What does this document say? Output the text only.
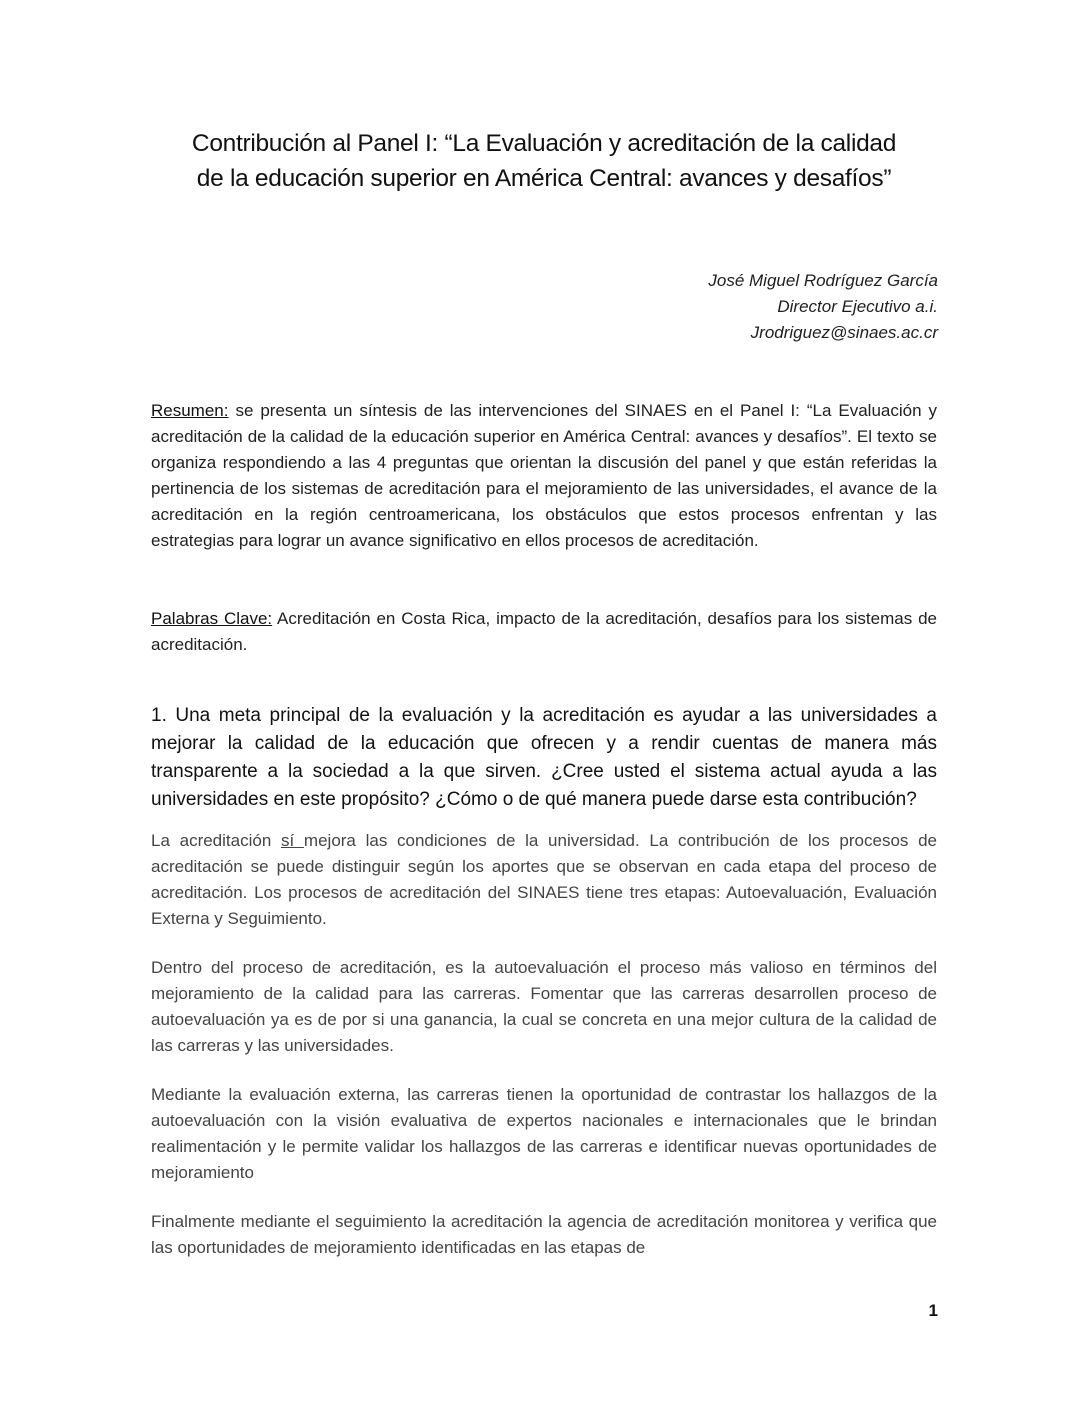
Contribución al Panel I: “La Evaluación y acreditación de la calidad
de la educación superior en América Central: avances y desafíos”
José Miguel Rodríguez García
Director Ejecutivo a.i.
Jrodriguez@sinaes.ac.cr

Resumen: se presenta un síntesis de las intervenciones del SINAES en el Panel I: “La Evaluación y acreditación de la calidad de la educación superior en América Central: avances y desafíos”. El texto se organiza respondiendo a las 4 preguntas que orientan la discusión del panel y que están referidas la pertinencia de los sistemas de acreditación para el mejoramiento de las universidades, el avance de la acreditación en la región centroamericana, los obstáculos que estos procesos enfrentan y las estrategias para lograr un avance significativo en ellos procesos de acreditación.

Palabras Clave: Acreditación en Costa Rica, impacto de la acreditación, desafíos para los sistemas de acreditación.

1. Una meta principal de la evaluación y la acreditación es ayudar a las universidades a mejorar la calidad de la educación que ofrecen y a rendir cuentas de manera más transparente a la sociedad a la que sirven. ¿Cree usted el sistema actual ayuda a las universidades en este propósito? ¿Cómo o de qué manera puede darse esta contribución?

La acreditación sí mejora las condiciones de la universidad. La contribución de los procesos de acreditación se puede distinguir según los aportes que se observan en cada etapa del proceso de acreditación. Los procesos de acreditación del SINAES tiene tres etapas: Autoevaluación, Evaluación Externa y Seguimiento.

Dentro del proceso de acreditación, es la autoevaluación el proceso más valioso en términos del mejoramiento de la calidad para las carreras. Fomentar que las carreras desarrollen proceso de autoevaluación ya es de por si una ganancia, la cual se concreta en una mejor cultura de la calidad de las carreras y las universidades.

Mediante la evaluación externa, las carreras tienen la oportunidad de contrastar los hallazgos de la autoevaluación con la visión evaluativa de expertos nacionales e internacionales que le brindan realimentación y le permite validar los hallazgos de las carreras e identificar nuevas oportunidades de mejoramiento

Finalmente mediante el seguimiento la acreditación la agencia de acreditación monitorea y verifica que las oportunidades de mejoramiento identificadas en las etapas de

1
